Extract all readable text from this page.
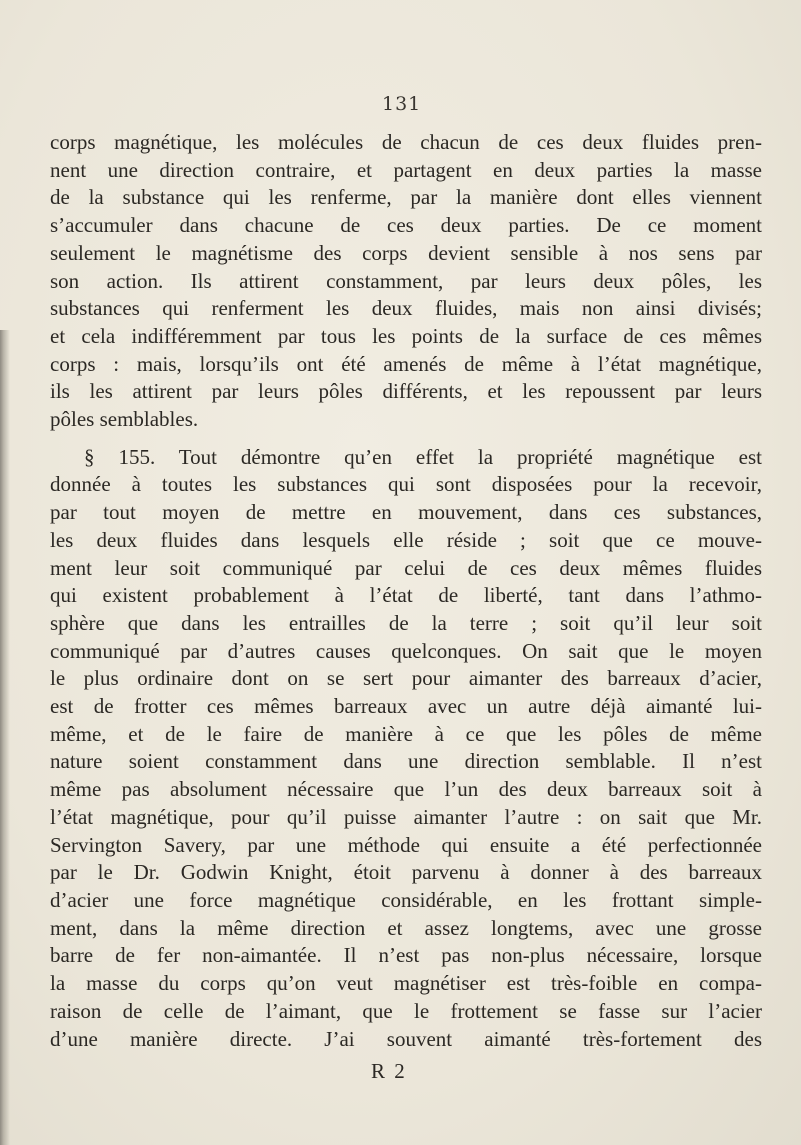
131

corps magnétique, les molécules de chacun de ces deux fluides pren-
nent une direction contraire, et partagent en deux parties la masse
de la substance qui les renferme, par la manière dont elles viennent
s’accumuler dans chacune de ces deux parties. De ce moment
seulement le magnétisme des corps devient sensible à nos sens par
son action. Ils attirent constamment, par leurs deux pôles, les
substances qui renferment les deux fluides, mais non ainsi divisés;
et cela indifféremment par tous les points de la surface de ces mêmes
corps : mais, lorsqu’ils ont été amenés de même à l’état magnétique,
ils les attirent par leurs pôles différents, et les repoussent par leurs
pôles semblables.

§ 155. Tout démontre qu’en effet la propriété magnétique est
donnée à toutes les substances qui sont disposées pour la recevoir,
par tout moyen de mettre en mouvement, dans ces substances,
les deux fluides dans lesquels elle réside ; soit que ce mouve-
ment leur soit communiqué par celui de ces deux mêmes fluides
qui existent probablement à l’état de liberté, tant dans l’athmo-
sphère que dans les entrailles de la terre ; soit qu’il leur soit
communiqué par d’autres causes quelconques. On sait que le moyen
le plus ordinaire dont on se sert pour aimanter des barreaux d’acier,
est de frotter ces mêmes barreaux avec un autre déjà aimanté lui-
même, et de le faire de manière à ce que les pôles de même
nature soient constamment dans une direction semblable. Il n’est
même pas absolument nécessaire que l’un des deux barreaux soit à
l’état magnétique, pour qu’il puisse aimanter l’autre : on sait que Mr.
Servington Savery, par une méthode qui ensuite a été perfectionnée
par le Dr. Godwin Knight, étoit parvenu à donner à des barreaux
d’acier une force magnétique considérable, en les frottant simple-
ment, dans la même direction et assez longtems, avec une grosse
barre de fer non-aimantée. Il n’est pas non-plus nécessaire, lorsque
la masse du corps qu’on veut magnétiser est très-foible en compa-
raison de celle de l’aimant, que le frottement se fasse sur l’acier
d’une manière directe. J’ai souvent aimanté très-fortement des

R 2
